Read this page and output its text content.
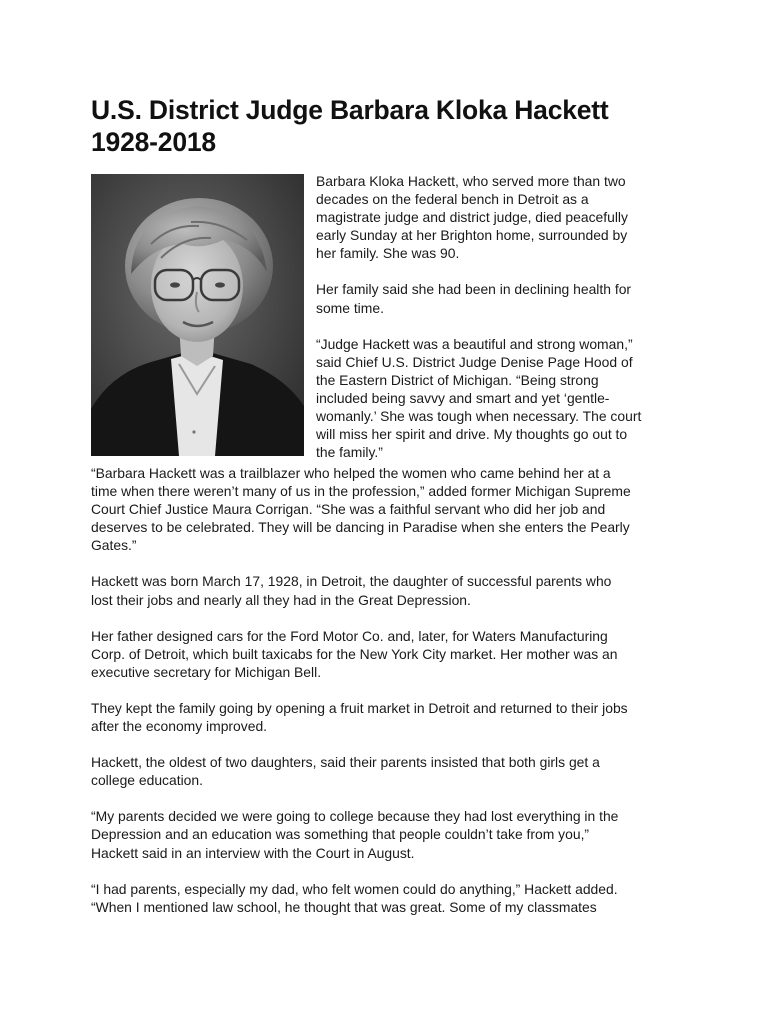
U.S. District Judge Barbara Kloka Hackett
1928-2018

Barbara Kloka Hackett, who served more than two
decades on the federal bench in Detroit as a
magistrate judge and district judge, died peacefully
early Sunday at her Brighton home, surrounded by
her family. She was 90.

Her family said she had been in declining health for
some time.

“Judge Hackett was a beautiful and strong woman,”
said Chief U.S. District Judge Denise Page Hood of
the Eastern District of Michigan. “Being strong
included being savvy and smart and yet ‘gentle-
womanly.’ She was tough when necessary. The court
will miss her spirit and drive. My thoughts go out to
the family.”

“Barbara Hackett was a trailblazer who helped the women who came behind her at a
time when there weren’t many of us in the profession,” added former Michigan Supreme
Court Chief Justice Maura Corrigan. “She was a faithful servant who did her job and
deserves to be celebrated. They will be dancing in Paradise when she enters the Pearly
Gates.”

Hackett was born March 17, 1928, in Detroit, the daughter of successful parents who
lost their jobs and nearly all they had in the Great Depression.

Her father designed cars for the Ford Motor Co. and, later, for Waters Manufacturing
Corp. of Detroit, which built taxicabs for the New York City market. Her mother was an
executive secretary for Michigan Bell.

They kept the family going by opening a fruit market in Detroit and returned to their jobs
after the economy improved.

Hackett, the oldest of two daughters, said their parents insisted that both girls get a
college education.

“My parents decided we were going to college because they had lost everything in the
Depression and an education was something that people couldn’t take from you,”
Hackett said in an interview with the Court in August.

“I had parents, especially my dad, who felt women could do anything,” Hackett added.
“When I mentioned law school, he thought that was great. Some of my classmates
